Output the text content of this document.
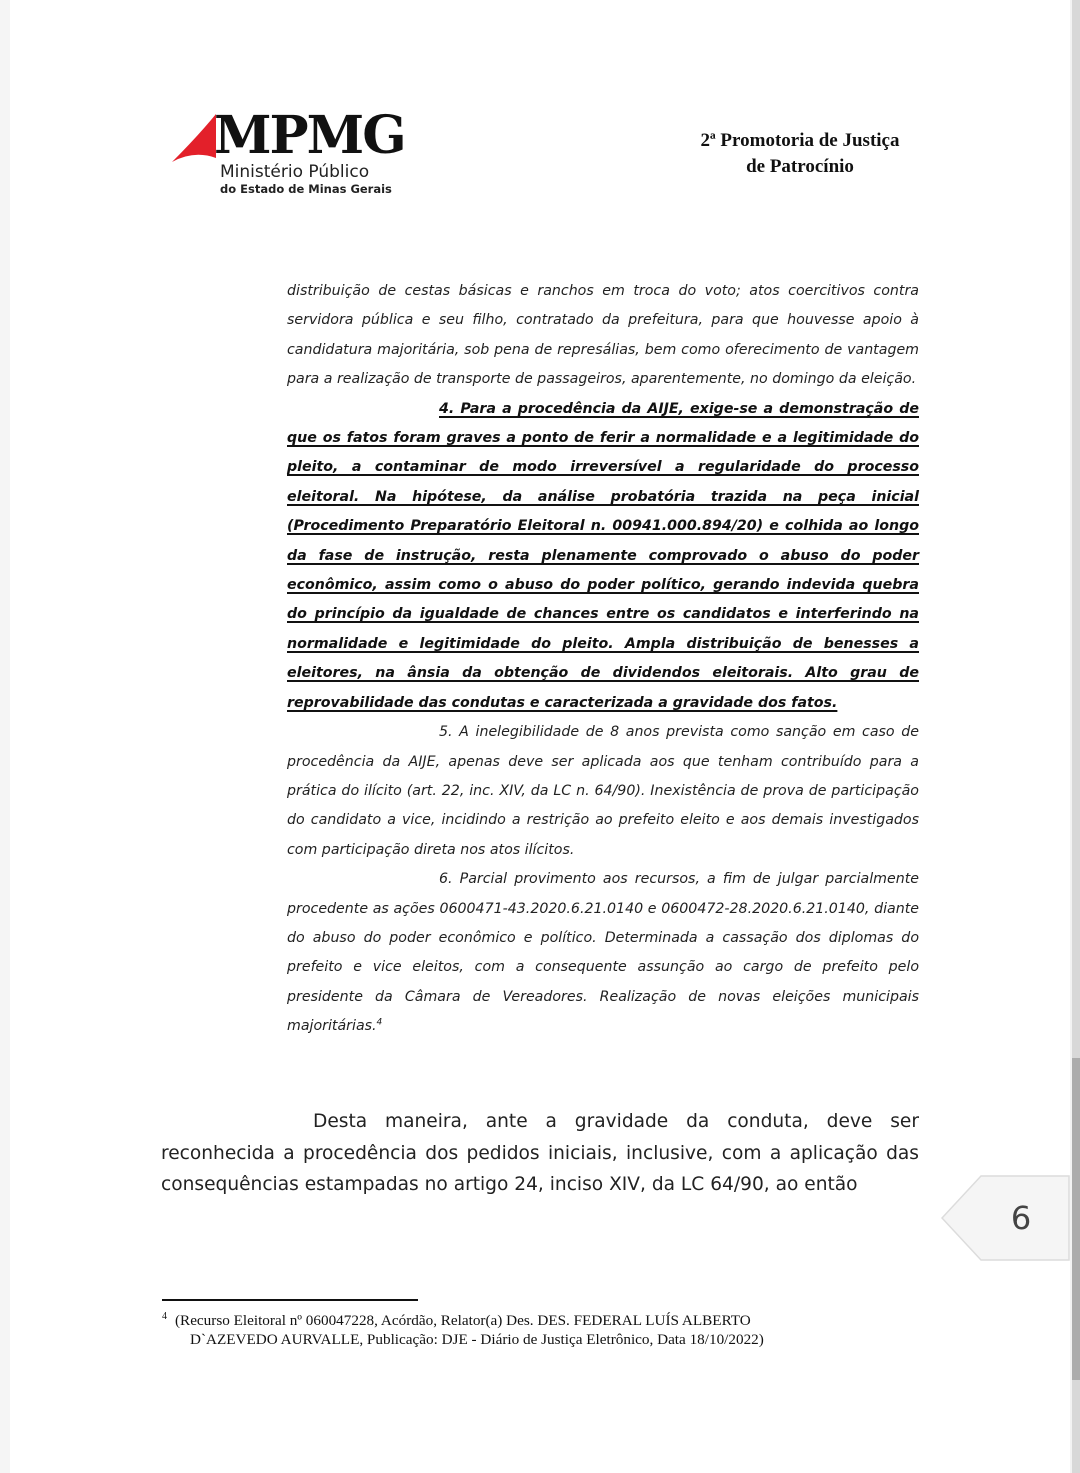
MPMG
Ministério Público
do Estado de Minas Gerais
2ª Promotoria de Justiça
de Patrocínio

distribuição de cestas básicas e ranchos em troca do voto; atos coercitivos contra servidora pública e seu filho, contratado da prefeitura, para que houvesse apoio à candidatura majoritária, sob pena de represálias, bem como oferecimento de vantagem para a realização de transporte de passageiros, aparentemente, no domingo da eleição.

4. Para a procedência da AIJE, exige-se a demonstração de que os fatos foram graves a ponto de ferir a normalidade e a legitimidade do pleito, a contaminar de modo irreversível a regularidade do processo eleitoral. Na hipótese, da análise probatória trazida na peça inicial (Procedimento Preparatório Eleitoral n. 00941.000.894/20) e colhida ao longo da fase de instrução, resta plenamente comprovado o abuso do poder econômico, assim como o abuso do poder político, gerando indevida quebra do princípio da igualdade de chances entre os candidatos e interferindo na normalidade e legitimidade do pleito. Ampla distribuição de benesses a eleitores, na ânsia da obtenção de dividendos eleitorais. Alto grau de reprovabilidade das condutas e caracterizada a gravidade dos fatos.

5. A inelegibilidade de 8 anos prevista como sanção em caso de procedência da AIJE, apenas deve ser aplicada aos que tenham contribuído para a prática do ilícito (art. 22, inc. XIV, da LC n. 64/90). Inexistência de prova de participação do candidato a vice, incidindo a restrição ao prefeito eleito e aos demais investigados com participação direta nos atos ilícitos.

6. Parcial provimento aos recursos, a fim de julgar parcialmente procedente as ações 0600471-43.2020.6.21.0140 e 0600472-28.2020.6.21.0140, diante do abuso do poder econômico e político. Determinada a cassação dos diplomas do prefeito e vice eleitos, com a consequente assunção ao cargo de prefeito pelo presidente da Câmara de Vereadores. Realização de novas eleições municipais majoritárias.$^4$

Desta maneira, ante a gravidade da conduta, deve ser reconhecida a procedência dos pedidos iniciais, inclusive, com a aplicação das consequências estampadas no artigo 24, inciso XIV, da LC 64/90, ao então

6
$^4$ (Recurso Eleitoral nº 060047228, Acórdão, Relator(a) Des. DES. FEDERAL LUÍS ALBERTO
D`AZEVEDO AURVALLE, Publicação: DJE - Diário de Justiça Eletrônico, Data 18/10/2022)
